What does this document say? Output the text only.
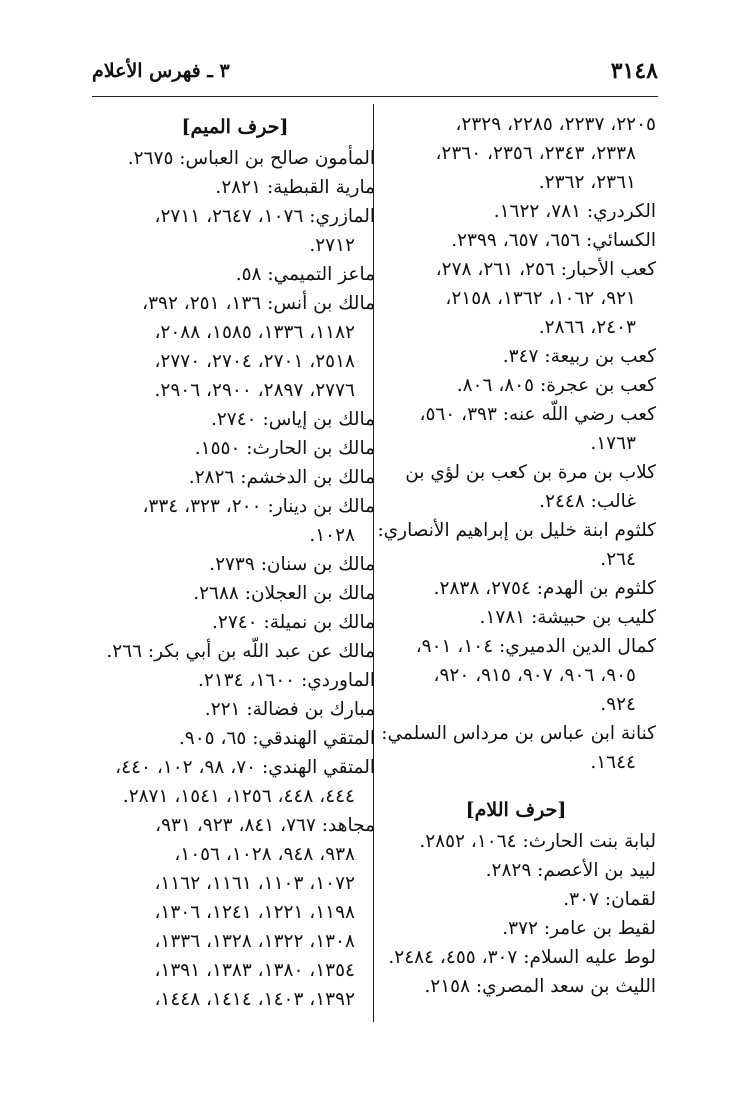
٣١٤٨
٣ ـ فهرس الأعلام
٢٢٠٥، ٢٢٣٧، ٢٢٨٥، ٢٣٢٩،
٢٣٣٨، ٢٣٤٣، ٢٣٥٦، ٢٣٦٠،
٢٣٦١، ٢٣٦٢.
الكردري: ٧٨١، ١٦٢٢.
الكسائي: ٦٥٦، ٦٥٧، ٢٣٩٩.
كعب الأحبار: ٢٥٦، ٢٦١، ٢٧٨،
٩٢١، ١٠٦٢، ١٣٦٢، ٢١٥٨،
٢٤٠٣، ٢٨٦٦.
كعب بن ربيعة: ٣٤٧.
كعب بن عجرة: ٨٠٥، ٨٠٦.
كعب رضي اللّه عنه: ٣٩٣، ٥٦٠،
١٧٦٣.
كلاب بن مرة بن كعب بن لؤي بن
غالب: ٢٤٤٨.
كلثوم ابنة خليل بن إبراهيم الأنصاري:
٢٦٤.
كلثوم بن الهدم: ٢٧٥٤، ٢٨٣٨.
كليب بن حبيشة: ١٧٨١.
كمال الدين الدميري: ١٠٤، ٩٠١،
٩٠٥، ٩٠٦، ٩٠٧، ٩١٥، ٩٢٠،
٩٢٤.
كنانة ابن عباس بن مرداس السلمي:
١٦٤٤.
[حرف اللام]
لبابة بنت الحارث: ١٠٦٤، ٢٨٥٢.
لبيد بن الأعصم: ٢٨٢٩.
لقمان: ٣٠٧.
لقيط بن عامر: ٣٧٢.
لوط عليه السلام: ٣٠٧، ٤٥٥، ٢٤٨٤.
الليث بن سعد المصري: ٢١٥٨.
[حرف الميم]
المأمون صالح بن العباس: ٢٦٧٥.
مارية القبطية: ٢٨٢١.
المازري: ١٠٧٦، ٢٦٤٧، ٢٧١١،
٢٧١٢.
ماعز التميمي: ٥٨.
مالك بن أنس: ١٣٦، ٢٥١، ٣٩٢،
١١٨٢، ١٣٣٦، ١٥٨٥، ٢٠٨٨،
٢٥١٨، ٢٧٠١، ٢٧٠٤، ٢٧٧٠،
٢٧٧٦، ٢٨٩٧، ٢٩٠٠، ٢٩٠٦.
مالك بن إياس: ٢٧٤٠.
مالك بن الحارث: ١٥٥٠.
مالك بن الدخشم: ٢٨٢٦.
مالك بن دينار: ٢٠٠، ٣٢٣، ٣٣٤،
١٠٢٨.
مالك بن سنان: ٢٧٣٩.
مالك بن العجلان: ٢٦٨٨.
مالك بن نميلة: ٢٧٤٠.
مالك عن عبد اللّه بن أبي بكر: ٢٦٦.
الماوردي: ١٦٠٠، ٢١٣٤.
مبارك بن فضالة: ٢٢١.
المتقي الهندقي: ٦٥، ٩٠٥.
المتقي الهندي: ٧٠، ٩٨، ١٠٢، ٤٤٠،
٤٤٤، ٤٤٨، ١٢٥٦، ١٥٤١، ٢٨٧١.
مجاهد: ٧٦٧، ٨٤١، ٩٢٣، ٩٣١،
٩٣٨، ٩٤٨، ١٠٢٨، ١٠٥٦،
١٠٧٢، ١١٠٣، ١١٦١، ١١٦٢،
١١٩٨، ١٢٢١، ١٢٤١، ١٣٠٦،
١٣٠٨، ١٣٢٢، ١٣٢٨، ١٣٣٦،
١٣٥٤، ١٣٨٠، ١٣٨٣، ١٣٩١،
١٣٩٢، ١٤٠٣، ١٤١٤، ١٤٤٨،
